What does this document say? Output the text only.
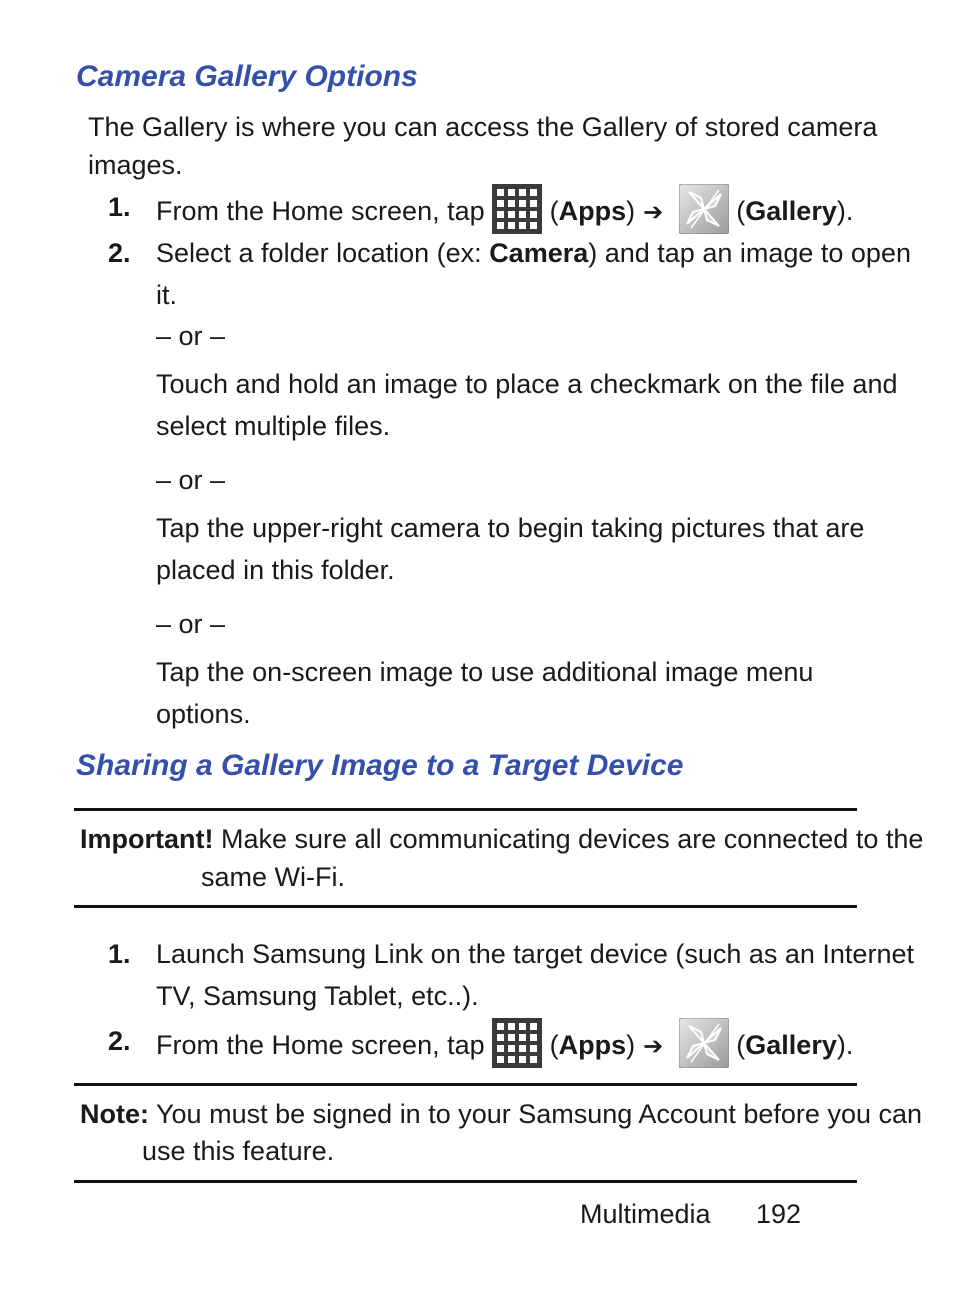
Camera Gallery Options
The Gallery is where you can access the Gallery of stored camera
images.
1. From the Home screen, tap  (Apps) ➔  (Gallery).
2. Select a folder location (ex: Camera) and tap an image to open
it.
– or –
Touch and hold an image to place a checkmark on the file and
select multiple files.
– or –
Tap the upper-right camera to begin taking pictures that are
placed in this folder.
– or –
Tap the on-screen image to use additional image menu
options.
Sharing a Gallery Image to a Target Device
Important! Make sure all communicating devices are connected to the
same Wi-Fi.
1. Launch Samsung Link on the target device (such as an Internet
TV, Samsung Tablet, etc..).
2. From the Home screen, tap  (Apps) ➔  (Gallery).
Note: You must be signed in to your Samsung Account before you can
use this feature.
Multimedia 192
